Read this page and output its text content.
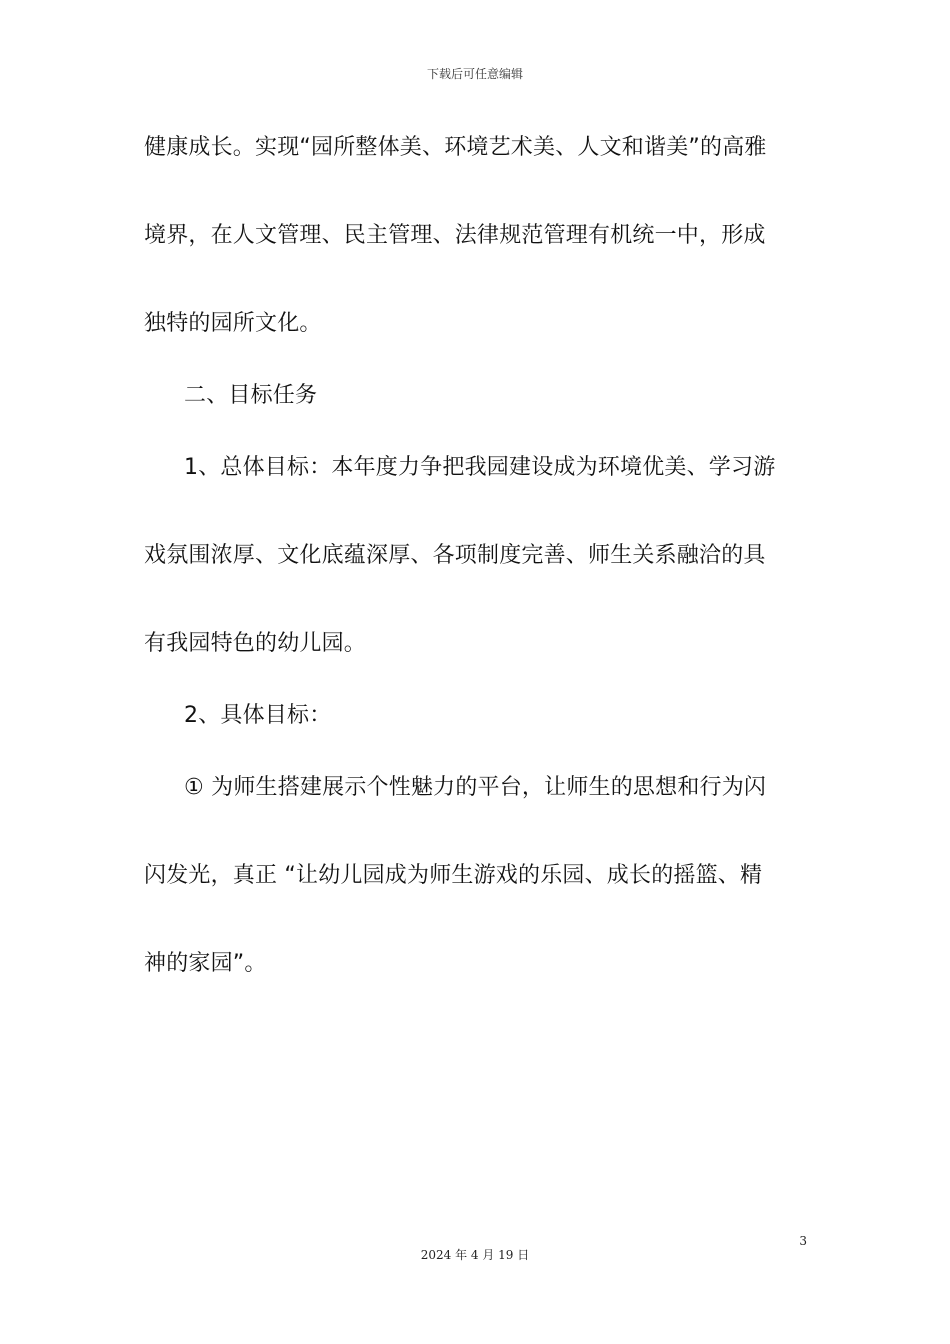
下载后可任意编辑
健康成长。实现“园所整体美、环境艺术美、人文和谐美”的高雅
境界，在人文管理、民主管理、法律规范管理有机统一中，形成
独特的园所文化。
二、目标任务
1、总体目标：本年度力争把我园建设成为环境优美、学习游
戏氛围浓厚、文化底蕴深厚、各项制度完善、师生关系融洽的具
有我园特色的幼儿园。
2、具体目标：
① 为师生搭建展示个性魅力的平台，让师生的思想和行为闪
闪发光，真正 “让幼儿园成为师生游戏的乐园、成长的摇篮、精
神的家园”。
3
2024 年 4 月 19 日
